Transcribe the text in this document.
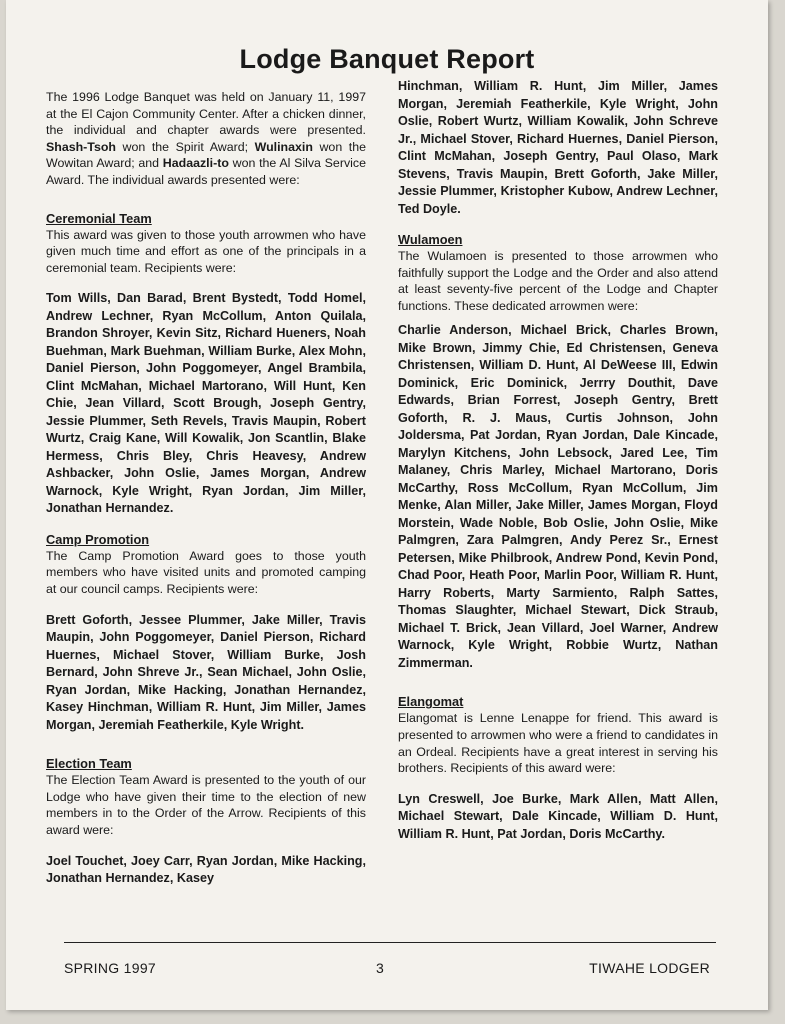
Lodge Banquet Report

The 1996 Lodge Banquet was held on January 11, 1997 at the El Cajon Community Center. After a chicken dinner, the individual and chapter awards were presented. Shash-Tsoh won the Spirit Award; Wulinaxin won the Wowitan Award; and Hadaazli-to won the Al Silva Service Award. The individual awards presented were:

Ceremonial Team

This award was given to those youth arrowmen who have given much time and effort as one of the principals in a ceremonial team. Recipients were:

Tom Wills, Dan Barad, Brent Bystedt, Todd Homel, Andrew Lechner, Ryan McCollum, Anton Quilala, Brandon Shroyer, Kevin Sitz, Richard Hueners, Noah Buehman, Mark Buehman, William Burke, Alex Mohn, Daniel Pierson, John Poggomeyer, Angel Brambila, Clint McMahan, Michael Martorano, Will Hunt, Ken Chie, Jean Villard, Scott Brough, Joseph Gentry, Jessie Plummer, Seth Revels, Travis Maupin, Robert Wurtz, Craig Kane, Will Kowalik, Jon Scantlin, Blake Hermess, Chris Bley, Chris Heavesy, Andrew Ashbacker, John Oslie, James Morgan, Andrew Warnock, Kyle Wright, Ryan Jordan, Jim Miller, Jonathan Hernandez.

Camp Promotion

The Camp Promotion Award goes to those youth members who have visited units and promoted camping at our council camps. Recipients were:

Brett Goforth, Jessee Plummer, Jake Miller, Travis Maupin, John Poggomeyer, Daniel Pierson, Richard Huernes, Michael Stover, William Burke, Josh Bernard, John Shreve Jr., Sean Michael, John Oslie, Ryan Jordan, Mike Hacking, Jonathan Hernandez, Kasey Hinchman, William R. Hunt, Jim Miller, James Morgan, Jeremiah Featherkile, Kyle Wright.

Election Team

The Election Team Award is presented to the youth of our Lodge who have given their time to the election of new members in to the Order of the Arrow. Recipients of this award were:

Joel Touchet, Joey Carr, Ryan Jordan, Mike Hacking, Jonathan Hernandez, Kasey

Hinchman, William R. Hunt, Jim Miller, James Morgan, Jeremiah Featherkile, Kyle Wright, John Oslie, Robert Wurtz, William Kowalik, John Schreve Jr., Michael Stover, Richard Huernes, Daniel Pierson, Clint McMahan, Joseph Gentry, Paul Olaso, Mark Stevens, Travis Maupin, Brett Goforth, Jake Miller, Jessie Plummer, Kristopher Kubow, Andrew Lechner, Ted Doyle.

Wulamoen

The Wulamoen is presented to those arrowmen who faithfully support the Lodge and the Order and also attend at least seventy-five percent of the Lodge and Chapter functions. These dedicated arrowmen were:

Charlie Anderson, Michael Brick, Charles Brown, Mike Brown, Jimmy Chie, Ed Christensen, Geneva Christensen, William D. Hunt, Al DeWeese III, Edwin Dominick, Eric Dominick, Jerrry Douthit, Dave Edwards, Brian Forrest, Joseph Gentry, Brett Goforth, R. J. Maus, Curtis Johnson, John Joldersma, Pat Jordan, Ryan Jordan, Dale Kincade, Marylyn Kitchens, John Lebsock, Jared Lee, Tim Malaney, Chris Marley, Michael Martorano, Doris McCarthy, Ross McCollum, Ryan McCollum, Jim Menke, Alan Miller, Jake Miller, James Morgan, Floyd Morstein, Wade Noble, Bob Oslie, John Oslie, Mike Palmgren, Zara Palmgren, Andy Perez Sr., Ernest Petersen, Mike Philbrook, Andrew Pond, Kevin Pond, Chad Poor, Heath Poor, Marlin Poor, William R. Hunt, Harry Roberts, Marty Sarmiento, Ralph Sattes, Thomas Slaughter, Michael Stewart, Dick Straub, Michael T. Brick, Jean Villard, Joel Warner, Andrew Warnock, Kyle Wright, Robbie Wurtz, Nathan Zimmerman.

Elangomat

Elangomat is Lenne Lenappe for friend. This award is presented to arrowmen who were a friend to candidates in an Ordeal. Recipients have a great interest in serving his brothers. Recipients of this award were:

Lyn Creswell, Joe Burke, Mark Allen, Matt Allen, Michael Stewart, Dale Kincade, William D. Hunt, William R. Hunt, Pat Jordan, Doris McCarthy.

SPRING 1997	3	TIWAHE LODGER
